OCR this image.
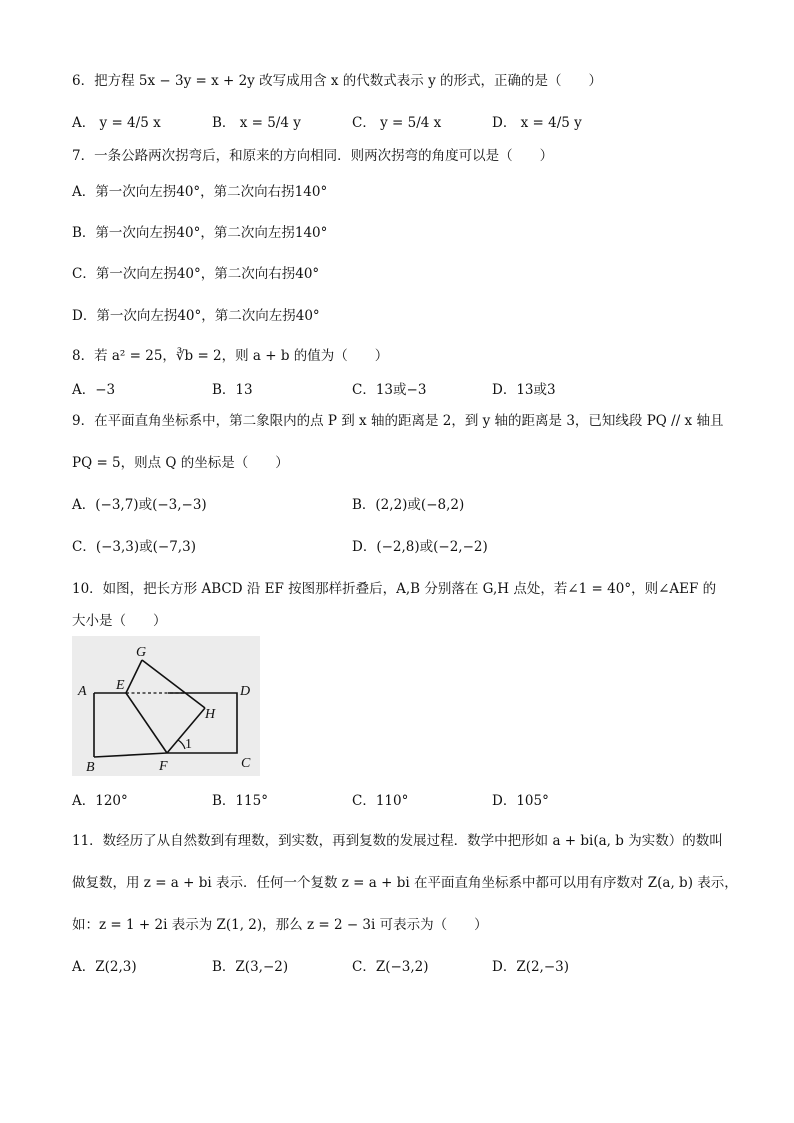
6．把方程 5x − 3y = x + 2y 改写成用含 x 的代数式表示 y 的形式，正确的是（　　）
A． y = 4/5 x	B． x = 5/4 y	C． y = 5/4 x	D． x = 4/5 y
7．一条公路两次拐弯后，和原来的方向相同．则两次拐弯的角度可以是（　　）
A．第一次向左拐40°，第二次向右拐140°
B．第一次向左拐40°，第二次向左拐140°
C．第一次向左拐40°，第二次向右拐40°
D．第一次向左拐40°，第二次向左拐40°
8．若 a² = 25，∛b = 2，则 a + b 的值为（　　）
A．−3	B．13	C．13或−3	D．13或3
9．在平面直角坐标系中，第二象限内的点 P 到 x 轴的距离是 2，到 y 轴的距离是 3，已知线段 PQ // x 轴且
PQ = 5，则点 Q 的坐标是（　　）
A．(−3,7)或(−3,−3)	B．(2,2)或(−8,2)
C．(−3,3)或(−7,3)	D．(−2,8)或(−2,−2)
10．如图，把长方形 ABCD 沿 EF 按图那样折叠后，A,B 分别落在 G,H 点处，若∠1 = 40°，则∠AEF 的
大小是（　　）
G
A E	D
H
1
B	F	C
A．120°	B．115°	C．110°	D．105°
11．数经历了从自然数到有理数，到实数，再到复数的发展过程．数学中把形如 a + bi(a, b 为实数）的数叫
做复数，用 z = a + bi 表示．任何一个复数 z = a + bi 在平面直角坐标系中都可以用有序数对 Z(a, b) 表示，
如：z = 1 + 2i 表示为 Z(1, 2)，那么 z = 2 − 3i 可表示为（　　）
A．Z(2,3)	B．Z(3,−2)	C．Z(−3,2)	D．Z(2,−3)
